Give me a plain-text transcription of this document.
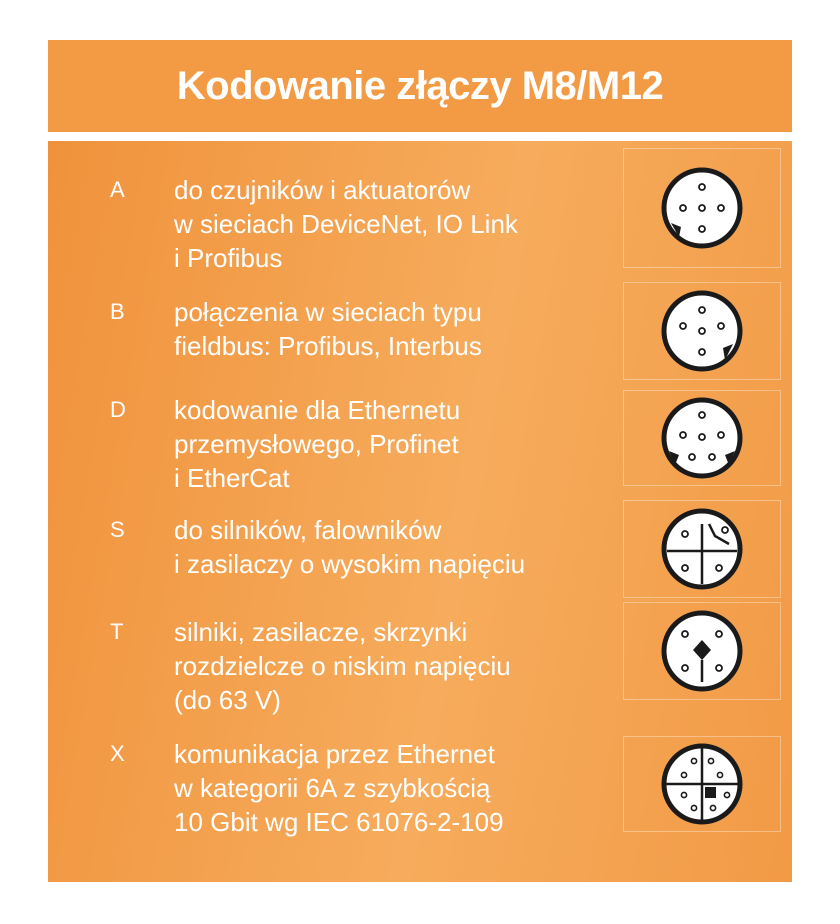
Kodowanie złączy M8/M12
A do czujników i aktuatorów
w sieciach DeviceNet, IO Link
i Profibus
B połączenia w sieciach typu
fieldbus: Profibus, Interbus
D kodowanie dla Ethernetu
przemysłowego, Profinet
i EtherCat
S do silników, falowników
i zasilaczy o wysokim napięciu
T silniki, zasilacze, skrzynki
rozdzielcze o niskim napięciu
(do 63 V)
X komunikacja przez Ethernet
w kategorii 6A z szybkością
10 Gbit wg IEC 61076-2-109
